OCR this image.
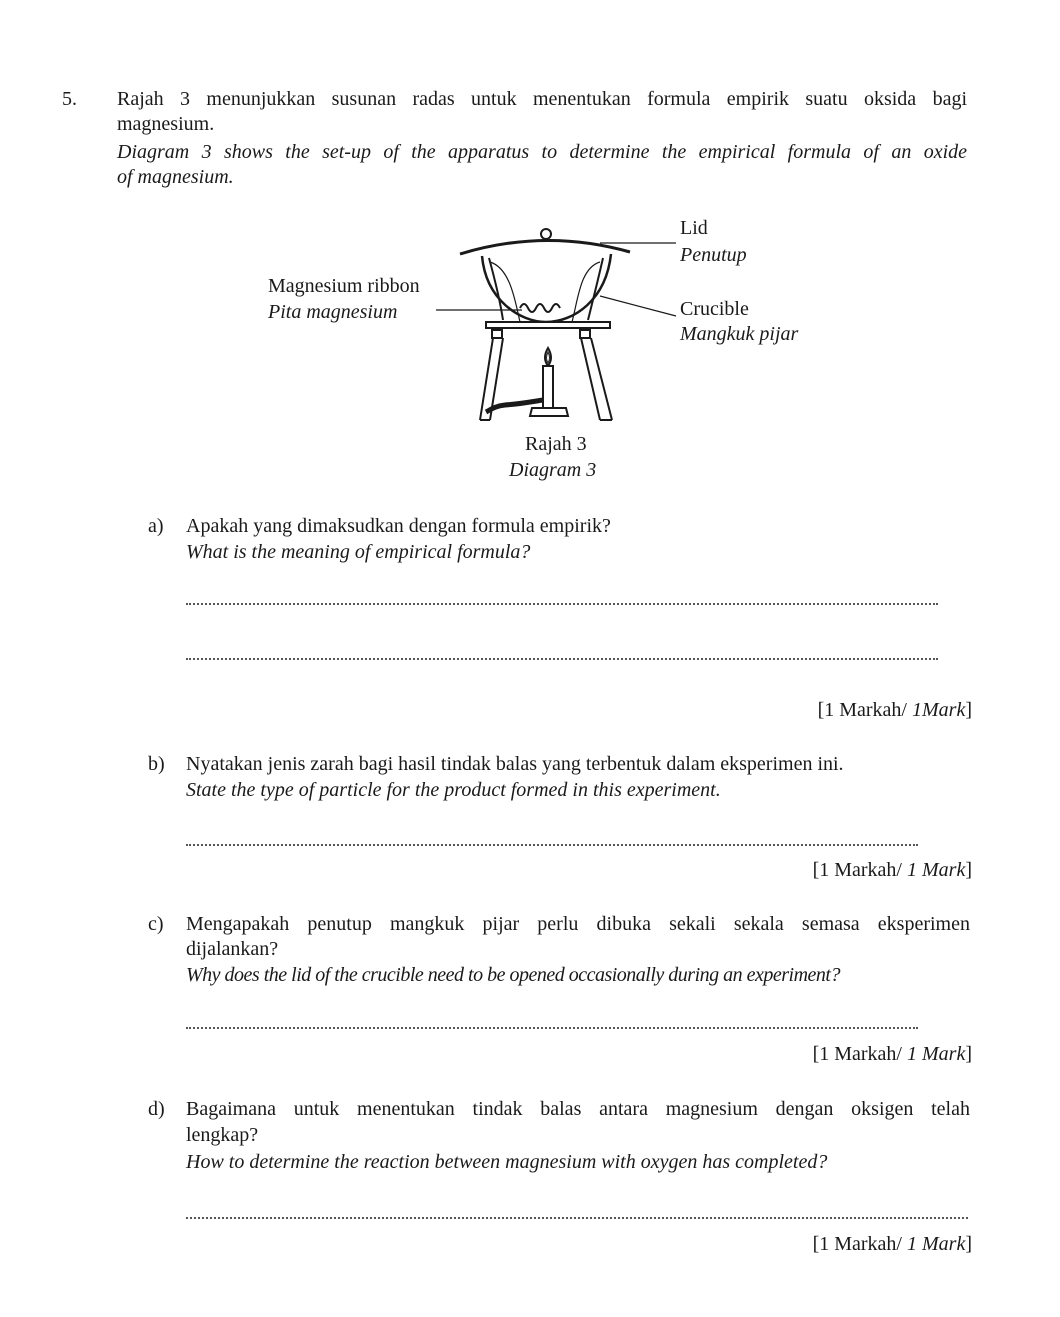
5. Rajah 3 menunjukkan susunan radas untuk menentukan formula empirik suatu oksida bagi
magnesium.
Diagram 3 shows the set-up of the apparatus to determine the empirical formula of an oxide
of magnesium.
Lid
Penutup
Magnesium ribbon
Pita magnesium	Crucible
Mangkuk pijar
Rajah 3
Diagram 3
a) Apakah yang dimaksudkan dengan formula empirik?
What is the meaning of empirical formula?
[1 Markah/ 1Mark]
b) Nyatakan jenis zarah bagi hasil tindak balas yang terbentuk dalam eksperimen ini.
State the type of particle for the product formed in this experiment.
[1 Markah/ 1 Mark]
c) Mengapakah penutup mangkuk pijar perlu dibuka sekali sekala semasa eksperimen
dijalankan?
Why does the lid of the crucible need to be opened occasionally during an experiment?
[1 Markah/ 1 Mark]
d) Bagaimana untuk menentukan tindak balas antara magnesium dengan oksigen telah
lengkap?
How to determine the reaction between magnesium with oxygen has completed?
[1 Markah/ 1 Mark]
